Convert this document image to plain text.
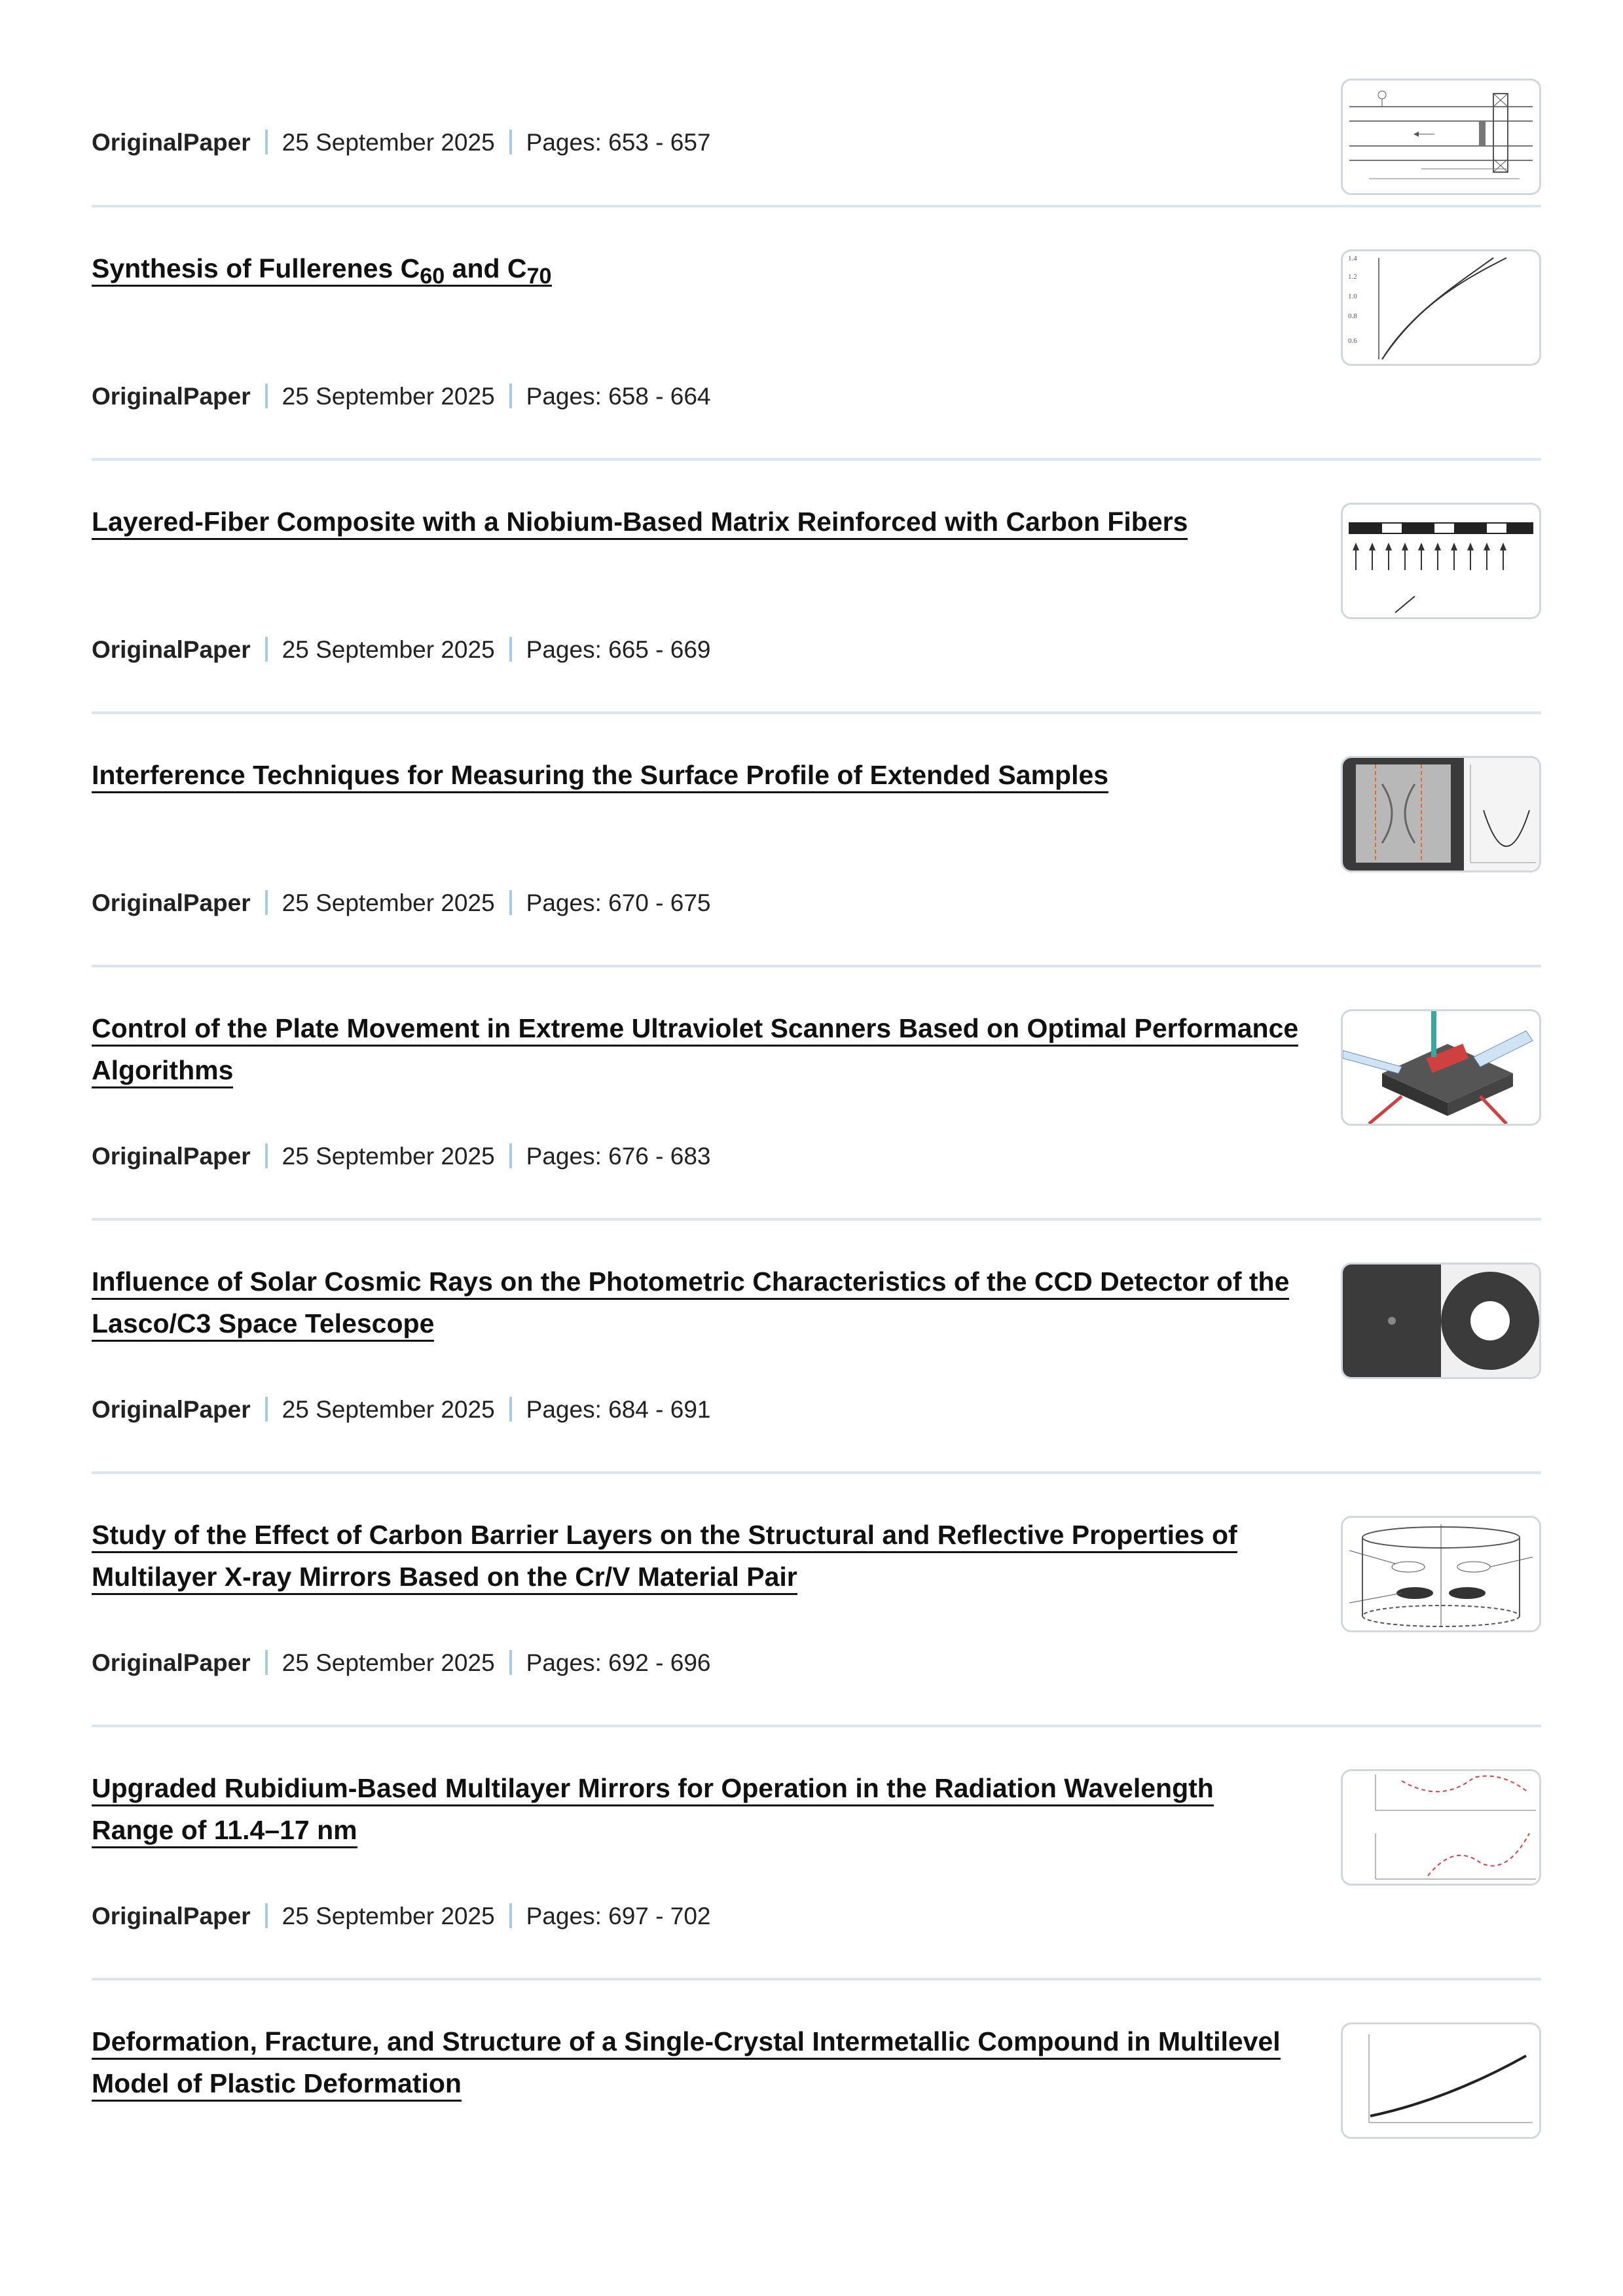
OriginalPaper 25 September 2025 Pages: 653 - 657
Synthesis of Fullerenes $C_{60}$ and $C_{70}$
OriginalPaper 25 September 2025 Pages: 658 - 664
1.4
1.2
1.0
0.8
0.6
Layered-Fiber Composite with a Niobium-Based Matrix Reinforced with Carbon Fibers
OriginalPaper 25 September 2025 Pages: 665 - 669
Interference Techniques for Measuring the Surface Profile of Extended Samples
OriginalPaper 25 September 2025 Pages: 670 - 675
Control of the Plate Movement in Extreme Ultraviolet Scanners Based on Optimal Performance Algorithms
OriginalPaper 25 September 2025 Pages: 676 - 683
Influence of Solar Cosmic Rays on the Photometric Characteristics of the CCD Detector of the Lasco/C3 Space Telescope
OriginalPaper 25 September 2025 Pages: 684 - 691
Study of the Effect of Carbon Barrier Layers on the Structural and Reflective Properties of Multilayer X-ray Mirrors Based on the Cr/V Material Pair
OriginalPaper 25 September 2025 Pages: 692 - 696
Upgraded Rubidium-Based Multilayer Mirrors for Operation in the Radiation Wavelength Range of 11.4–17 nm
OriginalPaper 25 September 2025 Pages: 697 - 702
Deformation, Fracture, and Structure of a Single-Crystal Intermetallic Compound in Multilevel Model of Plastic Deformation
